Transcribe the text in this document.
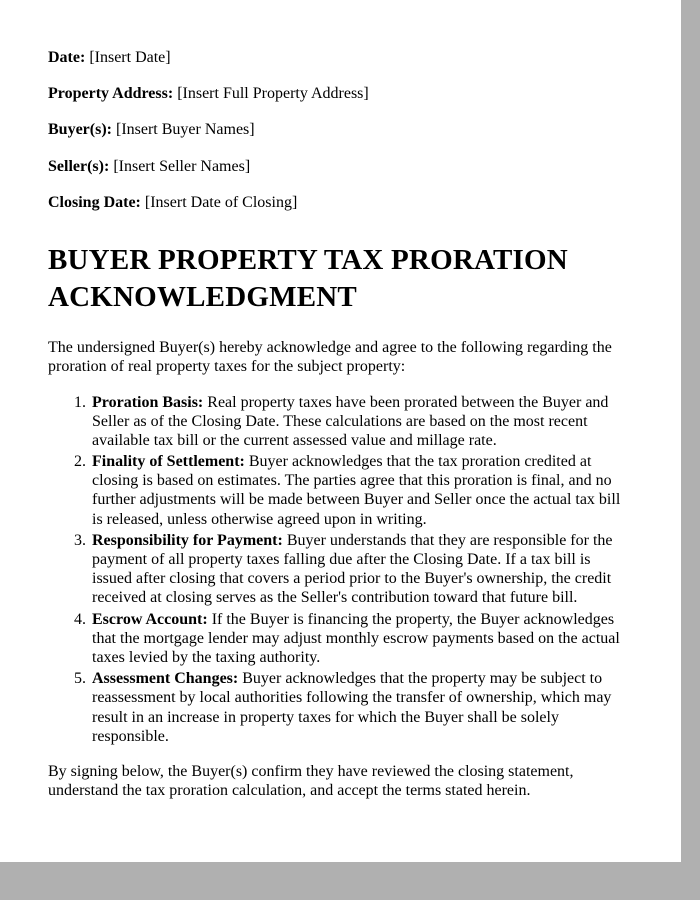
Date: [Insert Date]

Property Address: [Insert Full Property Address]

Buyer(s): [Insert Buyer Names]

Seller(s): [Insert Seller Names]

Closing Date: [Insert Date of Closing]

BUYER PROPERTY TAX PRORATION ACKNOWLEDGMENT

The undersigned Buyer(s) hereby acknowledge and agree to the following regarding the proration of real property taxes for the subject property:

1. Proration Basis: Real property taxes have been prorated between the Buyer and Seller as of the Closing Date. These calculations are based on the most recent available tax bill or the current assessed value and millage rate.
2. Finality of Settlement: Buyer acknowledges that the tax proration credited at closing is based on estimates. The parties agree that this proration is final, and no further adjustments will be made between Buyer and Seller once the actual tax bill is released, unless otherwise agreed upon in writing.
3. Responsibility for Payment: Buyer understands that they are responsible for the payment of all property taxes falling due after the Closing Date. If a tax bill is issued after closing that covers a period prior to the Buyer's ownership, the credit received at closing serves as the Seller's contribution toward that future bill.
4. Escrow Account: If the Buyer is financing the property, the Buyer acknowledges that the mortgage lender may adjust monthly escrow payments based on the actual taxes levied by the taxing authority.
5. Assessment Changes: Buyer acknowledges that the property may be subject to reassessment by local authorities following the transfer of ownership, which may result in an increase in property taxes for which the Buyer shall be solely responsible.

By signing below, the Buyer(s) confirm they have reviewed the closing statement, understand the tax proration calculation, and accept the terms stated herein.
